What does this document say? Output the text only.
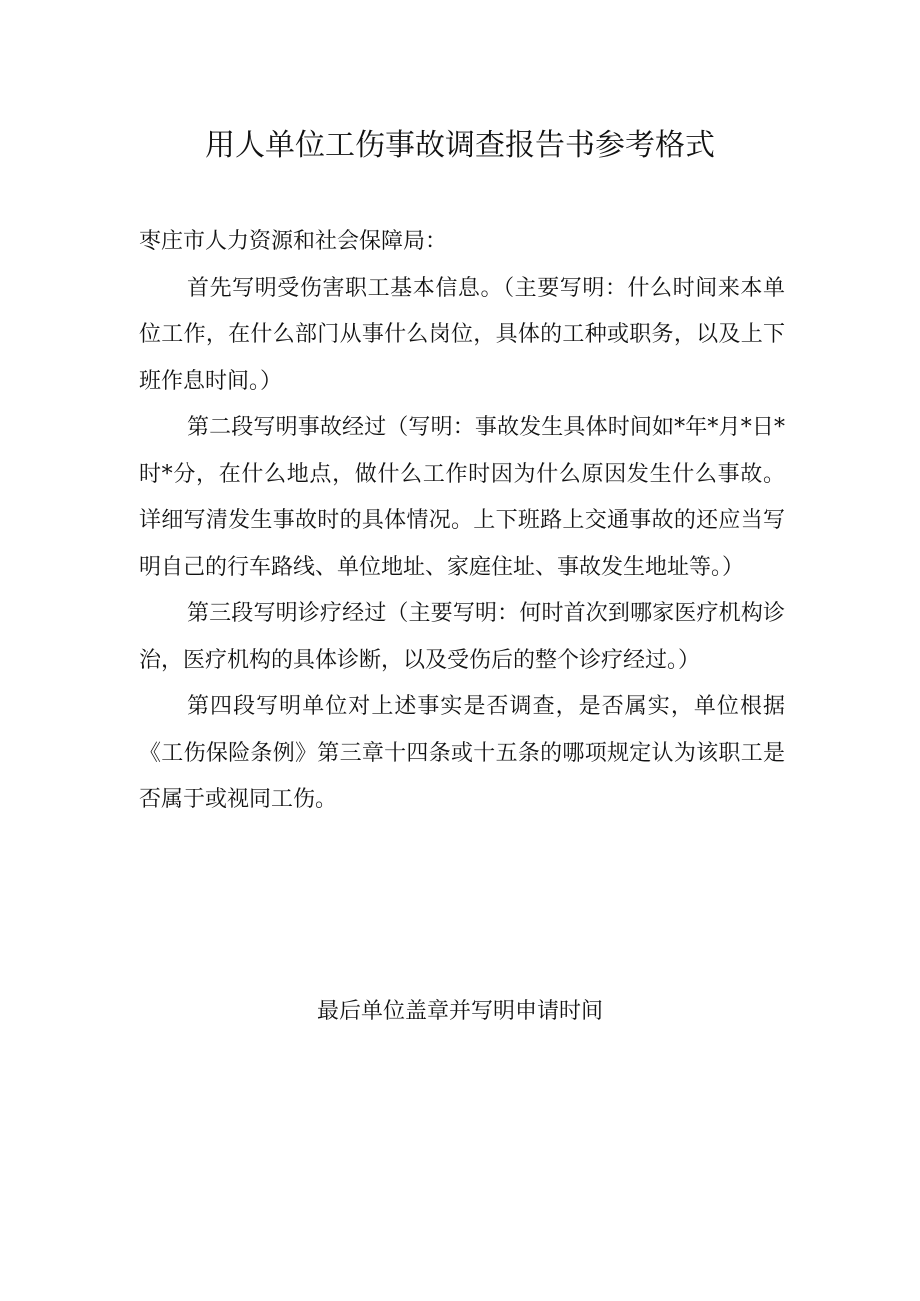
用人单位工伤事故调查报告书参考格式

枣庄市人力资源和社会保障局：

首先写明受伤害职工基本信息。（主要写明：什么时间来本单位工作，在什么部门从事什么岗位，具体的工种或职务，以及上下班作息时间。）

第二段写明事故经过（写明：事故发生具体时间如*年*月*日*时*分，在什么地点，做什么工作时因为什么原因发生什么事故。详细写清发生事故时的具体情况。上下班路上交通事故的还应当写明自己的行车路线、单位地址、家庭住址、事故发生地址等。）

第三段写明诊疗经过（主要写明：何时首次到哪家医疗机构诊治，医疗机构的具体诊断，以及受伤后的整个诊疗经过。）

第四段写明单位对上述事实是否调查，是否属实，单位根据《工伤保险条例》第三章十四条或十五条的哪项规定认为该职工是否属于或视同工伤。

最后单位盖章并写明申请时间
